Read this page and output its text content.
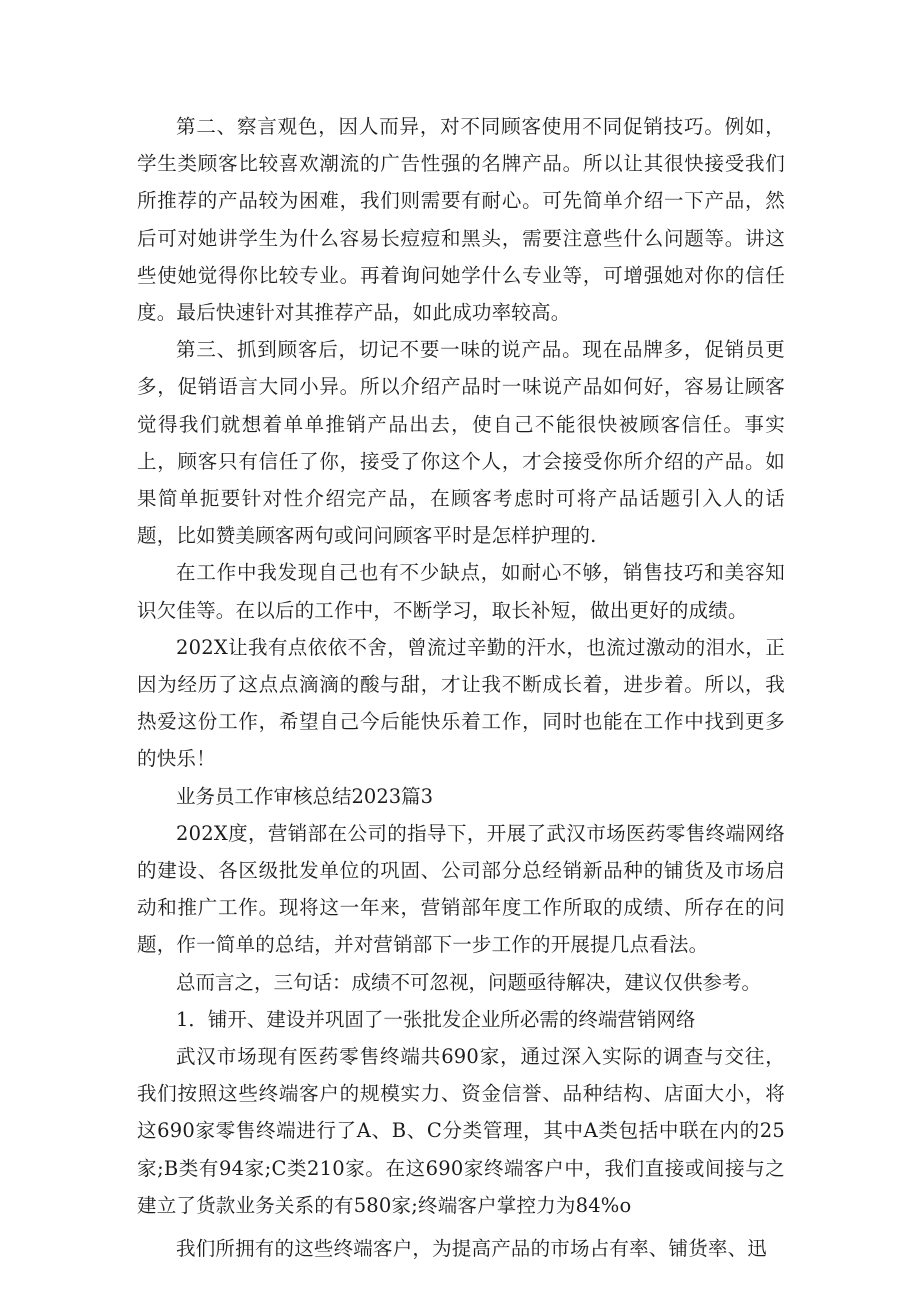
第二、察言观色，因人而异，对不同顾客使用不同促销技巧。例如，学生类顾客比较喜欢潮流的广告性强的名牌产品。所以让其很快接受我们所推荐的产品较为困难，我们则需要有耐心。可先简单介绍一下产品，然后可对她讲学生为什么容易长痘痘和黑头，需要注意些什么问题等。讲这些使她觉得你比较专业。再着询问她学什么专业等，可增强她对你的信任度。最后快速针对其推荐产品，如此成功率较高。

第三、抓到顾客后，切记不要一味的说产品。现在品牌多，促销员更多，促销语言大同小异。所以介绍产品时一味说产品如何好，容易让顾客觉得我们就想着单单推销产品出去，使自己不能很快被顾客信任。事实上，顾客只有信任了你，接受了你这个人，才会接受你所介绍的产品。如果简单扼要针对性介绍完产品，在顾客考虑时可将产品话题引入人的话题，比如赞美顾客两句或问问顾客平时是怎样护理的.

在工作中我发现自己也有不少缺点，如耐心不够，销售技巧和美容知识欠佳等。在以后的工作中，不断学习，取长补短，做出更好的成绩。

202X让我有点依依不舍，曾流过辛勤的汗水，也流过激动的泪水，正因为经历了这点点滴滴的酸与甜，才让我不断成长着，进步着。所以，我热爱这份工作，希望自己今后能快乐着工作，同时也能在工作中找到更多的快乐！

业务员工作审核总结2023篇3

202X度，营销部在公司的指导下，开展了武汉市场医药零售终端网络的建设、各区级批发单位的巩固、公司部分总经销新品种的铺货及市场启动和推广工作。现将这一年来，营销部年度工作所取的成绩、所存在的问题，作一简单的总结，并对营销部下一步工作的开展提几点看法。

总而言之，三句话：成绩不可忽视，问题亟待解决，建议仅供参考。

1．铺开、建设并巩固了一张批发企业所必需的终端营销网络

武汉市场现有医药零售终端共690家，通过深入实际的调查与交往，我们按照这些终端客户的规模实力、资金信誉、品种结构、店面大小，将这690家零售终端进行了A、B、C分类管理，其中A类包括中联在内的25家;B类有94家;C类210家。在这690家终端客户中，我们直接或间接与之建立了货款业务关系的有580家;终端客户掌控力为84%o

我们所拥有的这些终端客户，为提高产品的市场占有率、铺货率、迅
